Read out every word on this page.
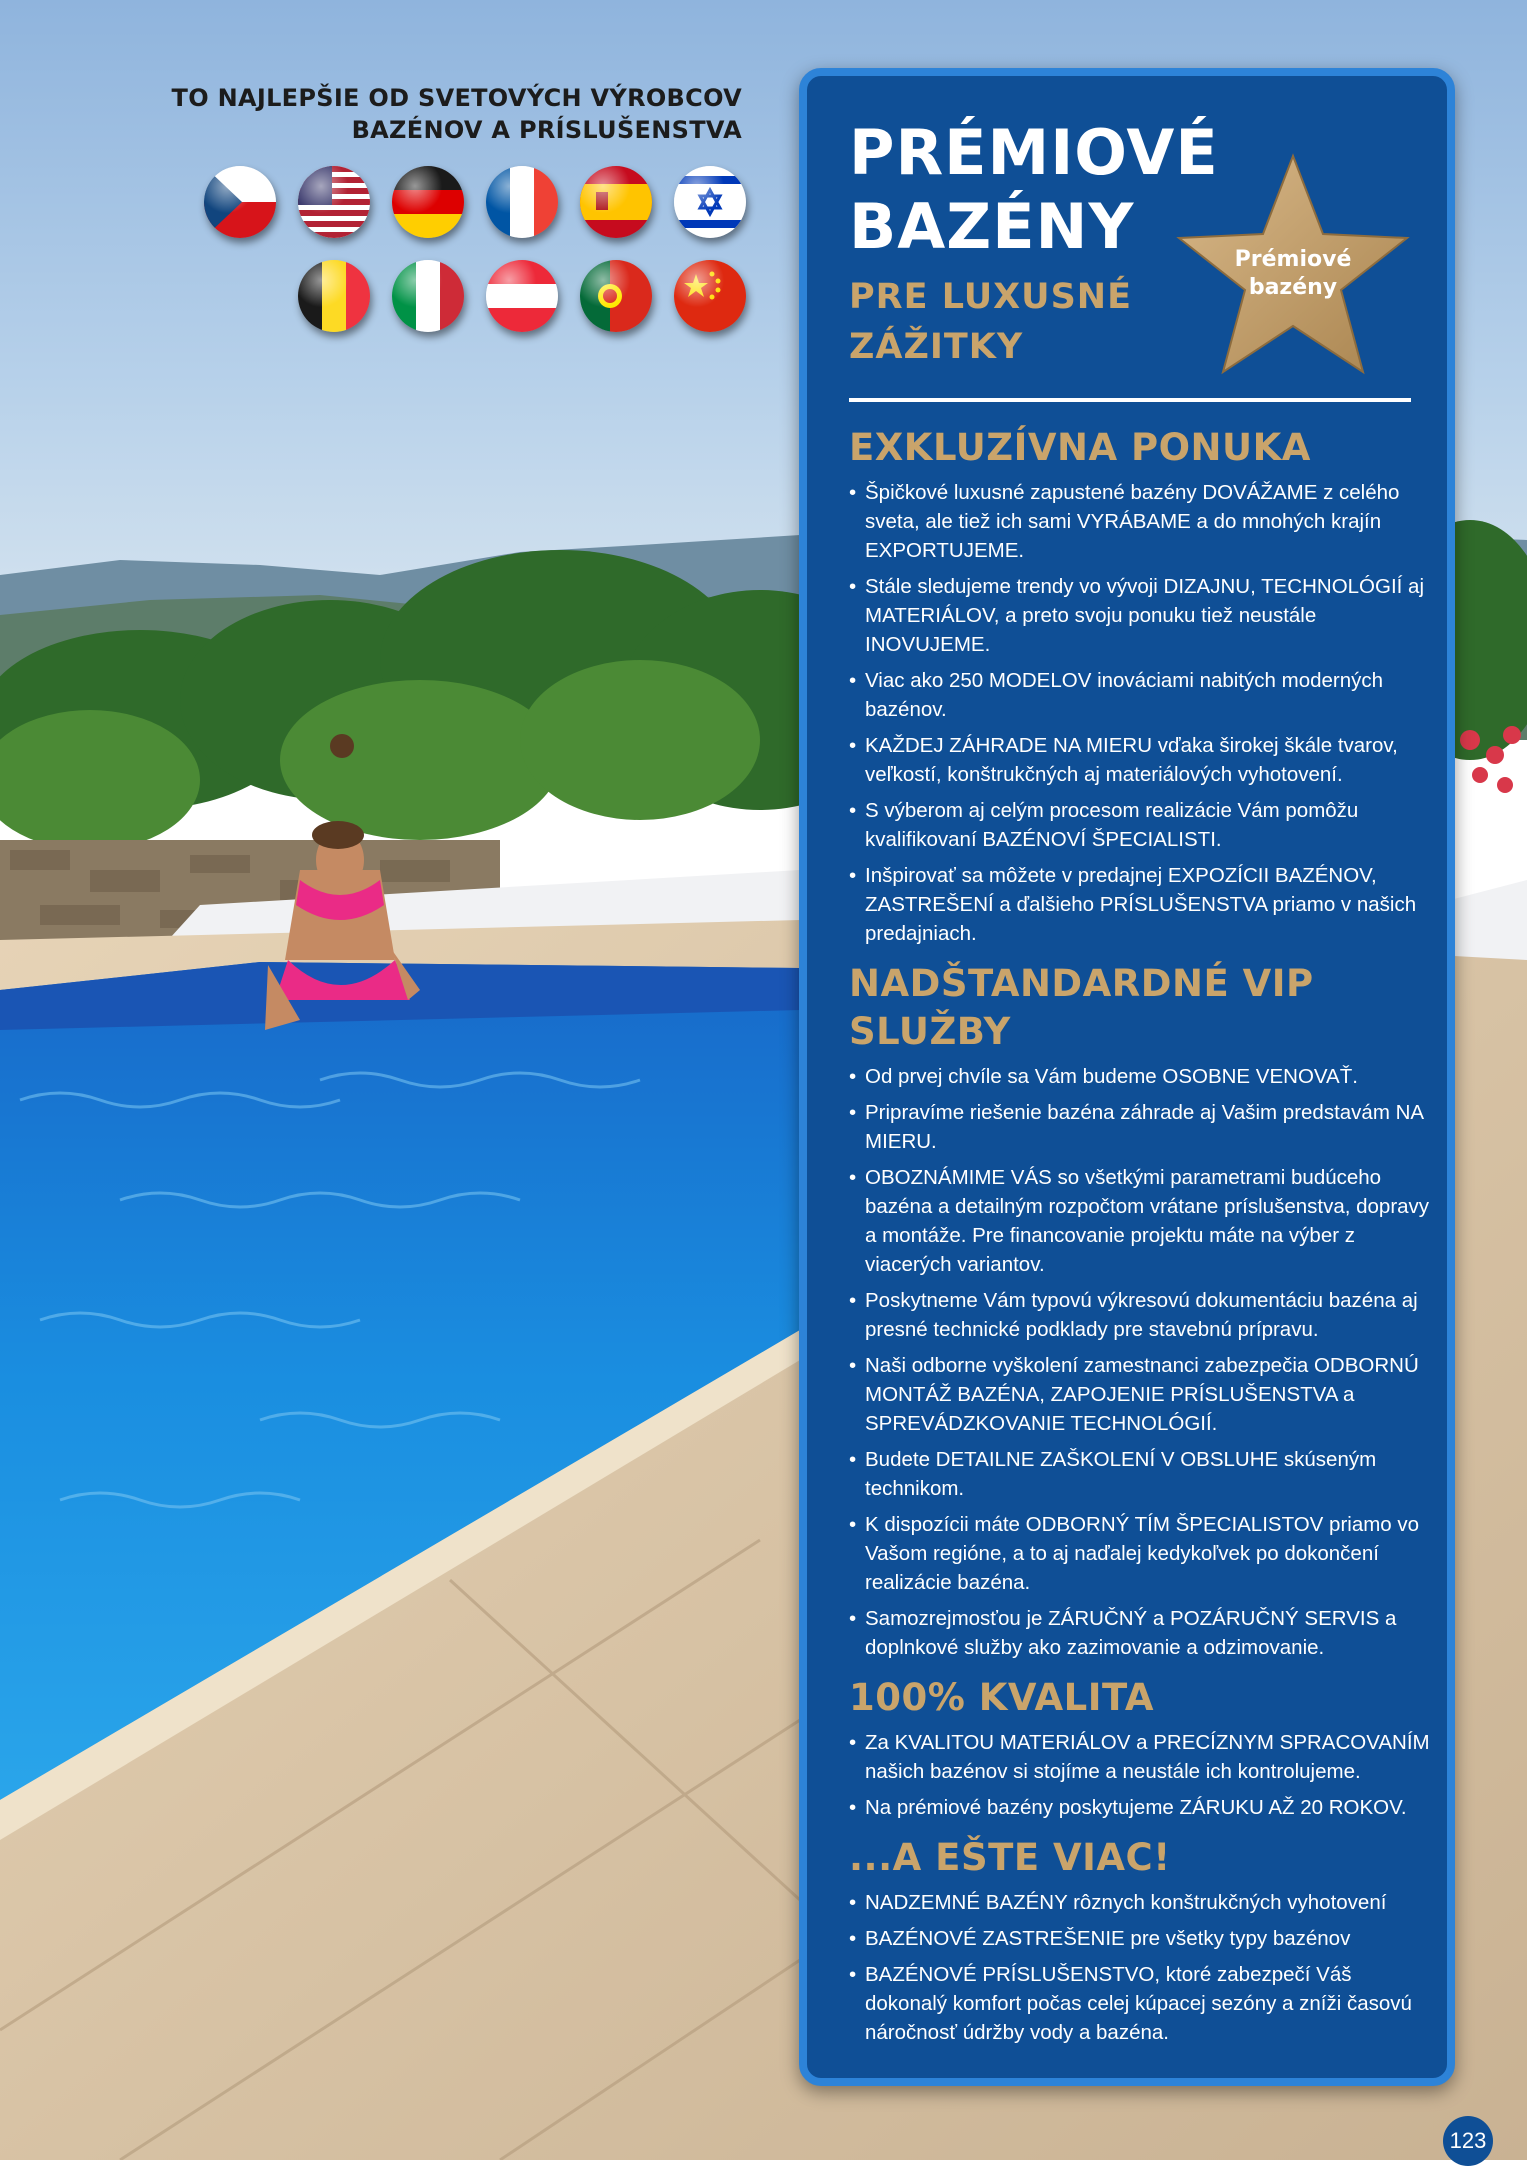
TO NAJLEPŠIE OD SVETOVÝCH VÝROBCOV
BAZÉNOV A PRÍSLUŠENSTVA PRÉMIOVÉ
BAZÉNY
PRE LUXUSNÉ
ZÁŽITKY
Prémiové
bazény
EXKLUZÍVNA PONUKA
• Špičkové luxusné zapustené bazény DOVÁŽAME z celého sveta, ale tiež ich sami VYRÁBAME a do mnohých krajín EXPORTUJEME.
• Stále sledujeme trendy vo vývoji DIZAJNU, TECHNOLÓGIÍ aj MATERIÁLOV, a preto svoju ponuku tiež neustále INOVUJEME.
• Viac ako 250 MODELOV inováciami nabitých moderných bazénov.
• KAŽDEJ ZÁHRADE NA MIERU vďaka širokej škále tvarov, veľkostí, konštrukčných aj materiálových vyhotovení.
• S výberom aj celým procesom realizácie Vám pomôžu kvalifikovaní BAZÉNOVÍ ŠPECIALISTI.
• Inšpirovať sa môžete v predajnej EXPOZÍCII BAZÉNOV, ZASTREŠENÍ a ďalšieho PRÍSLUŠENSTVA priamo v našich predajniach.
NADŠTANDARDNÉ VIP SLUŽBY
• Od prvej chvíle sa Vám budeme OSOBNE VENOVAŤ.
• Pripravíme riešenie bazéna záhrade aj Vašim predstavám NA MIERU.
• OBOZNÁMIME VÁS so všetkými parametrami budúceho bazéna a detailným rozpočtom vrátane príslušenstva, dopravy a montáže. Pre financovanie projektu máte na výber z viacerých variantov.
• Poskytneme Vám typovú výkresovú dokumentáciu bazéna aj presné technické podklady pre stavebnú prípravu.
• Naši odborne vyškolení zamestnanci zabezpečia ODBORNÚ MONTÁŽ BAZÉNA, ZAPOJENIE PRÍSLUŠENSTVA a SPREVÁDZKOVANIE TECHNOLÓGIÍ.
• Budete DETAILNE ZAŠKOLENÍ V OBSLUHE skúseným technikom.
• K dispozícii máte ODBORNÝ TÍM ŠPECIALISTOV priamo vo Vašom regióne, a to aj naďalej kedykoľvek po dokončení realizácie bazéna.
• Samozrejmosťou je ZÁRUČNÝ a POZÁRUČNÝ SERVIS a doplnkové služby ako zazimovanie a odzimovanie.
100% KVALITA
• Za KVALITOU MATERIÁLOV a PRECÍZNYM SPRACOVANÍM našich bazénov si stojíme a neustále ich kontrolujeme.
• Na prémiové bazény poskytujeme ZÁRUKU AŽ 20 ROKOV.
...A EŠTE VIAC!
• NADZEMNÉ BAZÉNY rôznych konštrukčných vyhotovení
• BAZÉNOVÉ ZASTREŠENIE pre všetky typy bazénov
• BAZÉNOVÉ PRÍSLUŠENSTVO, ktoré zabezpečí Váš dokonalý komfort počas celej kúpacej sezóny a zníži časovú náročnosť údržby vody a bazéna.
123
